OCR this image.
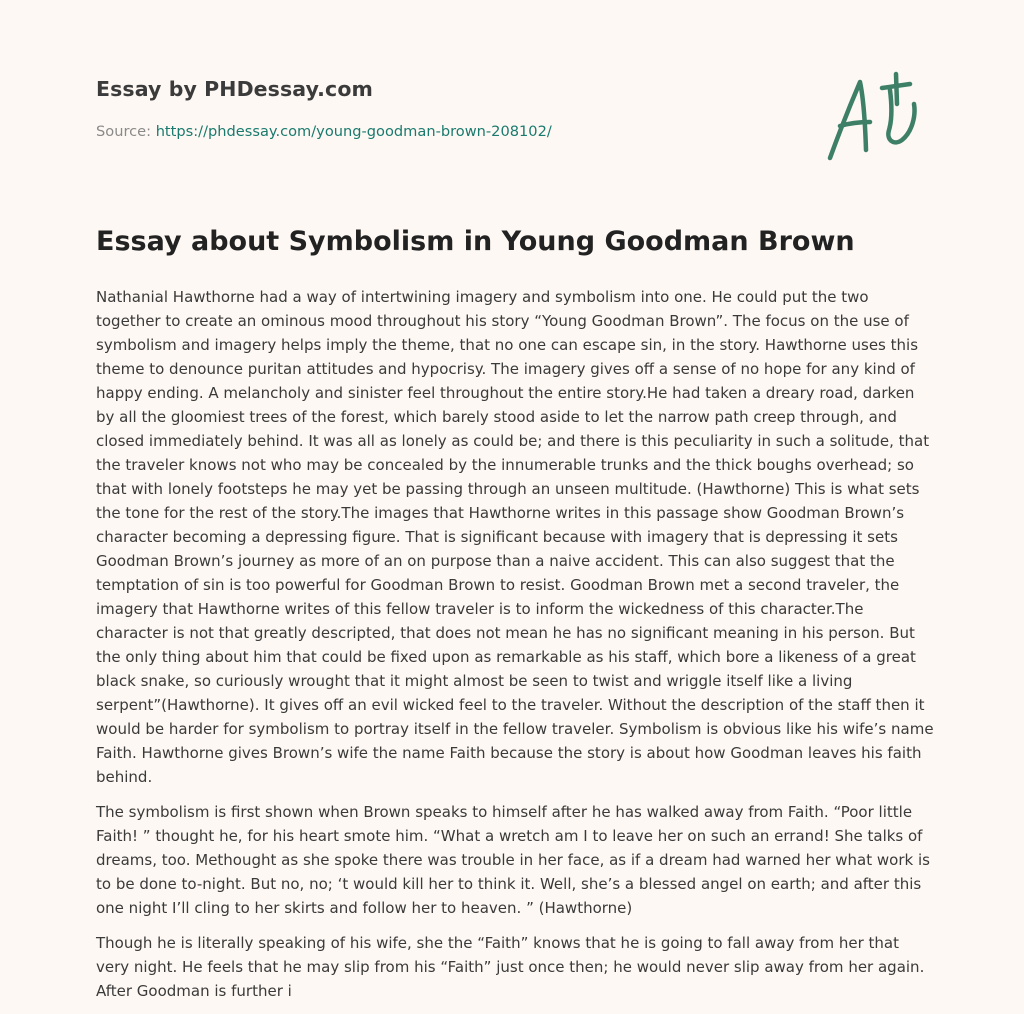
Essay by PHDessay.com

Source: https://phdessay.com/young-goodman-brown-208102/

Essay about Symbolism in Young Goodman Brown

Nathanial Hawthorne had a way of intertwining imagery and symbolism into one. He could put the two together to create an ominous mood throughout his story “Young Goodman Brown”. The focus on the use of symbolism and imagery helps imply the theme, that no one can escape sin, in the story. Hawthorne uses this theme to denounce puritan attitudes and hypocrisy. The imagery gives off a sense of no hope for any kind of happy ending. A melancholy and sinister feel throughout the entire story.He had taken a dreary road, darken by all the gloomiest trees of the forest, which barely stood aside to let the narrow path creep through, and closed immediately behind. It was all as lonely as could be; and there is this peculiarity in such a solitude, that the traveler knows not who may be concealed by the innumerable trunks and the thick boughs overhead; so that with lonely footsteps he may yet be passing through an unseen multitude. (Hawthorne) This is what sets the tone for the rest of the story.The images that Hawthorne writes in this passage show Goodman Brown’s character becoming a depressing figure. That is significant because with imagery that is depressing it sets Goodman Brown’s journey as more of an on purpose than a naive accident. This can also suggest that the temptation of sin is too powerful for Goodman Brown to resist. Goodman Brown met a second traveler, the imagery that Hawthorne writes of this fellow traveler is to inform the wickedness of this character.The character is not that greatly descripted, that does not mean he has no significant meaning in his person. But the only thing about him that could be fixed upon as remarkable as his staff, which bore a likeness of a great black snake, so curiously wrought that it might almost be seen to twist and wriggle itself like a living serpent”(Hawthorne). It gives off an evil wicked feel to the traveler. Without the description of the staff then it would be harder for symbolism to portray itself in the fellow traveler. Symbolism is obvious like his wife’s name Faith. Hawthorne gives Brown’s wife the name Faith because the story is about how Goodman leaves his faith behind.

The symbolism is first shown when Brown speaks to himself after he has walked away from Faith. “Poor little Faith! ” thought he, for his heart smote him. “What a wretch am I to leave her on such an errand! She talks of dreams, too. Methought as she spoke there was trouble in her face, as if a dream had warned her what work is to be done to-night. But no, no; ‘t would kill her to think it. Well, she’s a blessed angel on earth; and after this one night I’ll cling to her skirts and follow her to heaven. ” (Hawthorne)

Though he is literally speaking of his wife, she the “Faith” knows that he is going to fall away from her that very night. He feels that he may slip from his “Faith” just once then; he would never slip away from her again. After Goodman is further i
